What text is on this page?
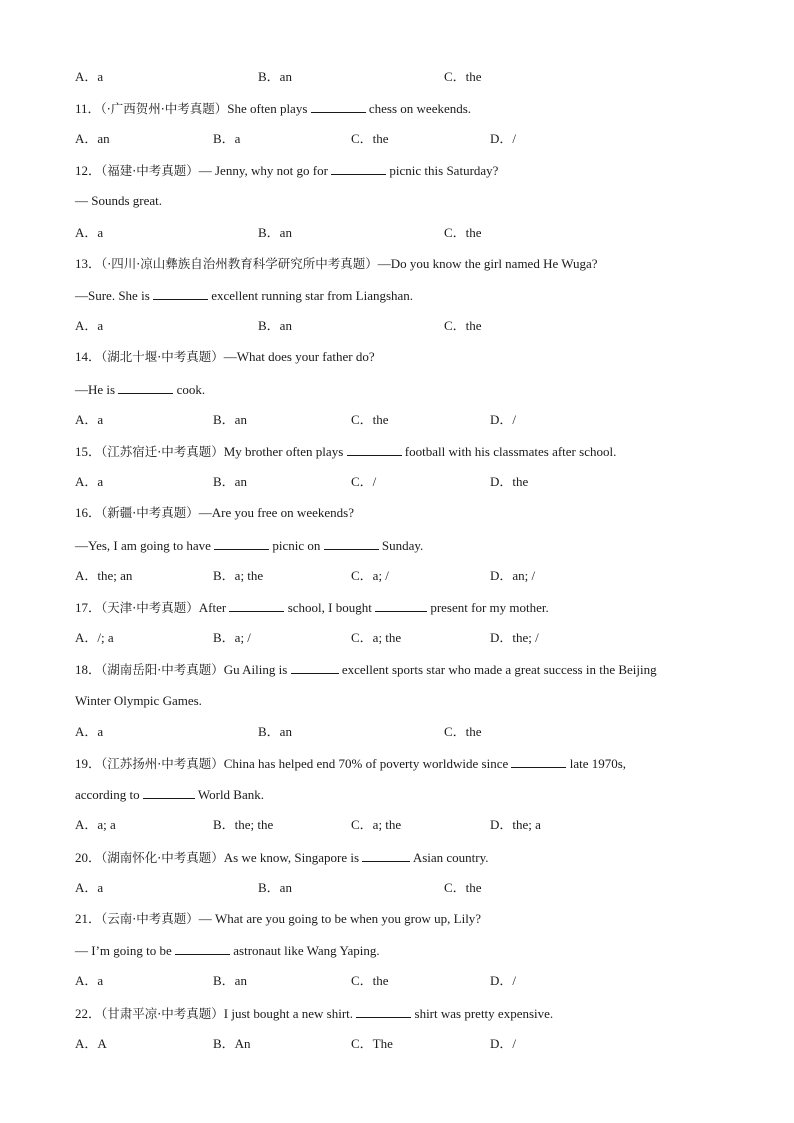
A．a	B．an	C．the
11．（·广西贺州·中考真题）She often plays	chess on weekends.
A．an	B．a	C．the	D．/
12．（福建·中考真题）— Jenny, why not go for	picnic this Saturday?
— Sounds great.
A．a	B．an	C．the
13．（·四川·凉山彝族自治州教育科学研究所中考真题）—Do you know the girl named He Wuga?
—Sure. She is	excellent running star from Liangshan.
A．a	B．an	C．the
14．（湖北十堰·中考真题）—What does your father do?
—He is	cook.
A．a	B．an	C．the	D．/
15．（江苏宿迁·中考真题）My brother often plays	football with his classmates after school.
A．a	B．an	C．/	D．the
16．（新疆·中考真题）—Are you free on weekends?
—Yes, I am going to have	picnic on	Sunday.
A．the; an	B．a; the	C．a; /	D．an; /
17．（天津·中考真题）After	school, I bought	present for my mother.
A．/; a	B．a; /	C．a; the	D．the; /
18．（湖南岳阳·中考真题）Gu Ailing is	excellent sports star who made a great success in the Beijing
Winter Olympic Games.
A．a	B．an	C．the
19．（江苏扬州·中考真题）China has helped end 70% of poverty worldwide since	late 1970s,
according to	World Bank.
A．a; a	B．the; the	C．a; the	D．the; a
20．（湖南怀化·中考真题）As we know, Singapore is	Asian country.
A．a	B．an	C．the
21．（云南·中考真题）— What are you going to be when you grow up, Lily?
— I’m going to be	astronaut like Wang Yaping.
A．a	B．an	C．the	D．/
22．（甘肃平凉·中考真题）I just bought a new shirt.	shirt was pretty expensive.
A．A	B．An	C．The	D．/
